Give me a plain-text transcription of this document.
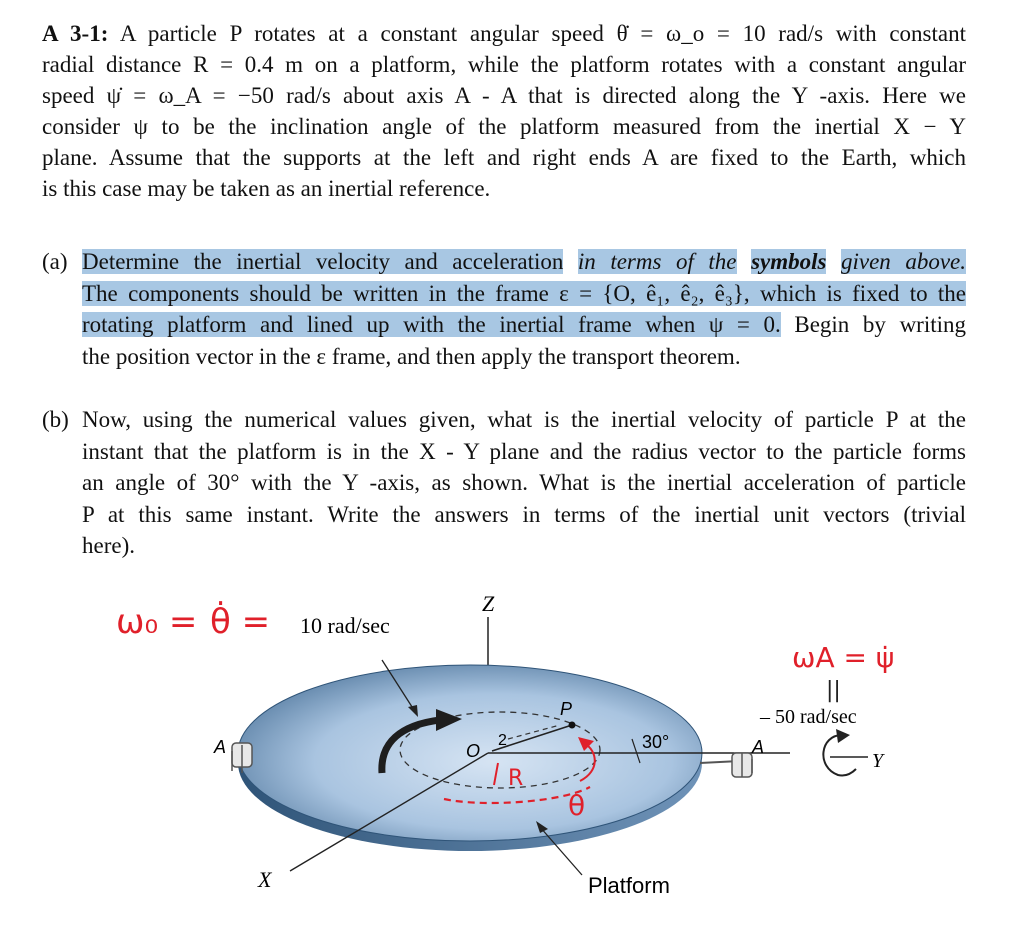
A 3-1: A particle P rotates at a constant angular speed θ̇ = ω_o = 10 rad/s with constant
radial distance R = 0.4 m on a platform, while the platform rotates with a constant angular
speed ψ̇ = ω_A = −50 rad/s about axis A - A that is directed along the Y -axis. Here we
consider ψ to be the inclination angle of the platform measured from the inertial X − Y
plane. Assume that the supports at the left and right ends A are fixed to the Earth, which
is this case may be taken as an inertial reference.
(a) Determine the inertial velocity and acceleration in terms of the symbols given above.
The components should be written in the frame ε = {O, ê₁, ê₂, ê₃}, which is fixed to the
rotating platform and lined up with the inertial frame when ψ = 0. Begin by writing
the position vector in the ε frame, and then apply the transport theorem.
(b) Now, using the numerical values given, what is the inertial velocity of particle P at the
instant that the platform is in the X - Y plane and the radius vector to the particle forms
an angle of 30° with the Y -axis, as shown. What is the inertial acceleration of particle
P at this same instant. Write the answers in terms of the inertial unit vectors (trivial
here).
Z
X
Y
P
O
2	30°
A	A
Platform
10 rad/sec
– 50 rad/sec
ω₀ = θ̇ =
ωA = ψ̇
||
R
θ
